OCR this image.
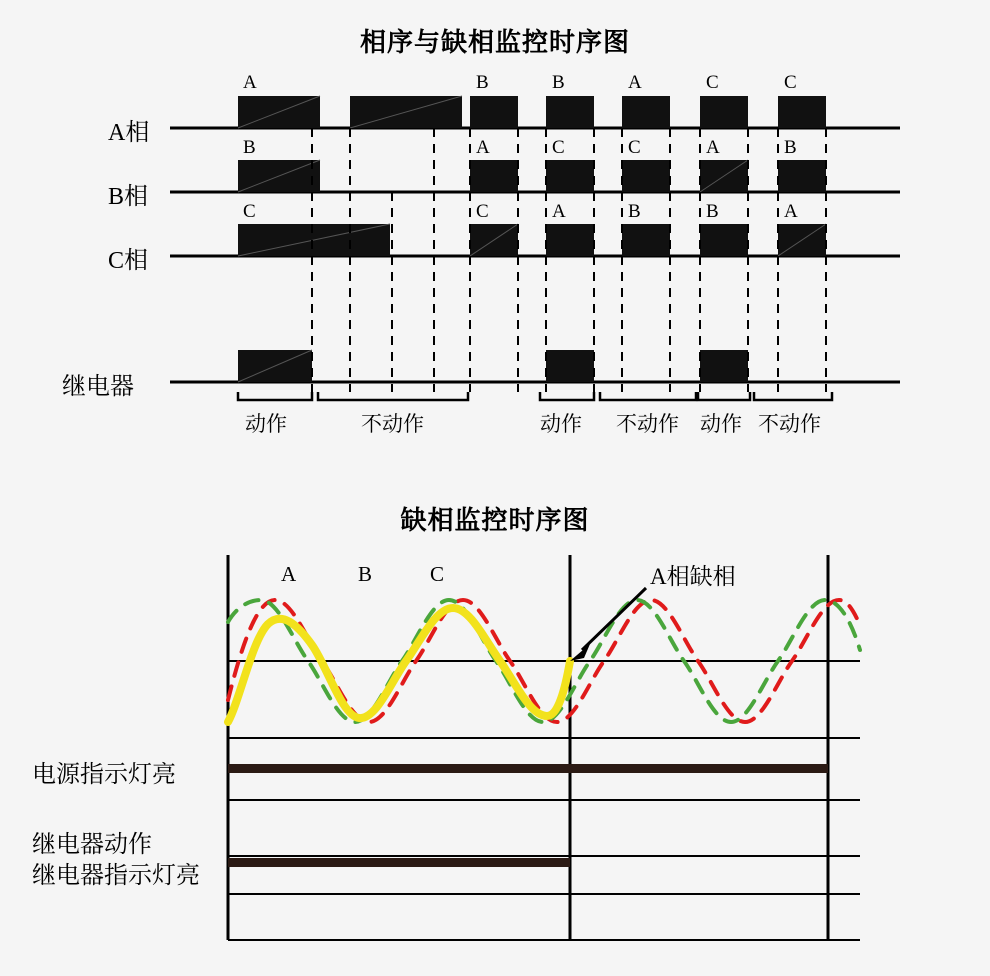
相序与缺相监控时序图
A相
B相
C相
继电器
A	B	B	A	C	C
B	A	C	C	A	B
C	C	A	B	B	A
动作	不动作	动作 不动作 动作 不动作
缺相监控时序图
A	B	C	A相缺相
电源指示灯亮
继电器动作
继电器指示灯亮
